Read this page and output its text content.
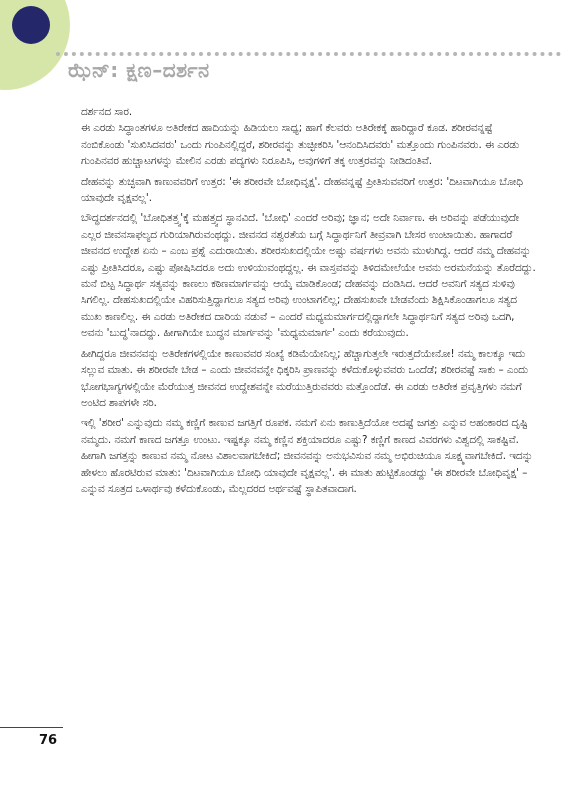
ಝೆನ್: ಕ್ಷಣ–ದರ್ಶನ

ದರ್ಶನದ ಸಾರ.

ಈ ಎರಡು ಸಿದ್ಧಾಂತಗಳೂ ಅತಿರೇಕದ ಹಾದಿಯನ್ನು ಹಿಡಿಯಲು ಸಾಧ್ಯ; ಹಾಗೆ ಕೆಲವರು ಅತಿರೇಕಕ್ಕೆ ಹಾರಿದ್ದಾರೆ ಕೂಡ. ಶರೀರವನ್ನಷ್ಟೆ ನಂಬಿಕೊಂಡು 'ಸುಖಿಸಿದವರು' ಒಂದು ಗುಂಪಿನಲ್ಲಿದ್ದರೆ, ಶರೀರವನ್ನು ತುಚ್ಛೀಕರಿಸಿ 'ಆನಂದಿಸಿದವರು' ಮತ್ತೊಂದು ಗುಂಪಿನವರು. ಈ ಎರಡು ಗುಂಪಿನವರ ಹುಚ್ಚಾಟಗಳನ್ನು ಮೇಲಿನ ಎರಡು ಪದ್ಯಗಳು ನಿರೂಪಿಸಿ, ಅವುಗಳಿಗೆ ತಕ್ಕ ಉತ್ತರವನ್ನು ನೀಡಿದಂತಿವೆ.

ದೇಹವನ್ನು ತುಚ್ಛವಾಗಿ ಕಾಣುವವರಿಗೆ ಉತ್ತರ: 'ಈ ಶರೀರವೇ ಬೋಧಿವೃಕ್ಷ'. ದೇಹವನ್ನಷ್ಟೆ ಪ್ರೀತಿಸುವವರಿಗೆ ಉತ್ತರ: 'ದಿಟವಾಗಿಯೂ ಬೋಧಿ ಯಾವುದೇ ವೃಕ್ಷವಲ್ಲ'.

ಬೌದ್ಧದರ್ಶನದಲ್ಲಿ 'ಬೋಧಿತತ್ತ್ವ'ಕ್ಕೆ ಮಹತ್ತ್ವದ ಸ್ಥಾನವಿದೆ. 'ಬೋಧಿ' ಎಂದರೆ ಅರಿವು; ಜ್ಞಾನ; ಅದೇ ನಿರ್ವಾಣ. ಈ ಅರಿವನ್ನು ಪಡೆಯುವುದೇ ಎಲ್ಲರ ಜೀವನಸಾಫಲ್ಯದ ಗುರಿಯಾಗಿರುವಂಥದ್ದು. ಜೀವನದ ನಶ್ವರತೆಯ ಬಗ್ಗೆ ಸಿದ್ಧಾರ್ಥನಿಗೆ ತೀವ್ರವಾಗಿ ಬೇಸರ ಉಂಟಾಯಿತು. ಹಾಗಾದರೆ ಜೀವನದ ಉದ್ದೇಶ ಏನು – ಎಂಬ ಪ್ರಶ್ನೆ ಎದುರಾಯಿತು. ಶರೀರಸುಖದಲ್ಲಿಯೇ ಅಷ್ಟು ವರ್ಷಗಳು ಅವನು ಮುಳುಗಿದ್ದ. ಆದರೆ ನಮ್ಮ ದೇಹವನ್ನು ಎಷ್ಟು ಪ್ರೀತಿಸಿದರೂ, ಎಷ್ಟು ಪೋಷಿಸಿದರೂ ಅದು ಉಳಿಯುವಂಥದ್ದಲ್ಲ. ಈ ವಾಸ್ತವವನ್ನು ತಿಳಿದಮೇಲೆಯೇ ಅವನು ಅರಮನೆಯನ್ನು ತೊರೆದದ್ದು. ಮನೆ ಬಿಟ್ಟ ಸಿದ್ಧಾರ್ಥ ಸತ್ಯವನ್ನು ಕಾಣಲು ಕಠಿಣಮಾರ್ಗವನ್ನು ಆಯ್ಕೆ ಮಾಡಿಕೊಂಡ; ದೇಹವನ್ನು ದಂಡಿಸಿದ. ಆದರೆ ಅವನಿಗೆ ಸತ್ಯದ ಸುಳಿವು ಸಿಗಲಿಲ್ಲ. ದೇಹಸುಖದಲ್ಲಿಯೇ ವಿಹರಿಸುತ್ತಿದ್ದಾಗಲೂ ಸತ್ಯದ ಅರಿವು ಉಂಟಾಗಲಿಲ್ಲ; ದೇಹಸುಖವೇ ಬೇಡವೆಂದು ಶಿಕ್ಷಿಸಿಕೊಂಡಾಗಲೂ ಸತ್ಯದ ಮುಖ ಕಾಣಲಿಲ್ಲ. ಈ ಎರಡು ಅತಿರೇಕದ ದಾರಿಯ ನಡುವೆ – ಎಂದರೆ ಮಧ್ಯಮಮಾರ್ಗದಲ್ಲಿದ್ದಾಗಲೇ ಸಿದ್ಧಾರ್ಥನಿಗೆ ಸತ್ಯದ ಅರಿವು ಒದಗಿ, ಅವನು 'ಬುದ್ಧ'ನಾದದ್ದು. ಹೀಗಾಗಿಯೇ ಬುದ್ಧನ ಮಾರ್ಗವನ್ನು 'ಮಧ್ಯಮಮಾರ್ಗ' ಎಂದು ಕರೆಯುವುದು.

ಹೀಗಿದ್ದರೂ ಜೀವನವನ್ನು ಅತಿರೇಕಗಳಲ್ಲಿಯೇ ಕಾಣುವವರ ಸಂಖ್ಯೆ ಕಡಿಮೆಯೇನಿಲ್ಲ; ಹೆಚ್ಚಾಗುತ್ತಲೇ ಇರುತ್ತದೆಯೇನೋ! ನಮ್ಮ ಕಾಲಕ್ಕೂ ಇದು ಸಲ್ಲುವ ಮಾತು. ಈ ಶರೀರವೇ ಬೇಡ – ಎಂದು ಜೀವನವನ್ನೇ ಧಿಕ್ಕರಿಸಿ ಪ್ರಾಣವನ್ನು ಕಳೆದುಕೊಳ್ಳುವವರು ಒಂದೆಡೆ; ಶರೀರವಷ್ಟೆ ಸಾಕು – ಎಂದು ಭೋಗಭಾಗ್ಯಗಳಲ್ಲಿಯೇ ಮೆರೆಯುತ್ತ ಜೀವನದ ಉದ್ದೇಶವನ್ನೇ ಮರೆಯುತ್ತಿರುವವರು ಮತ್ತೊಂದೆಡೆ. ಈ ಎರಡು ಅತಿರೇಕ ಪ್ರವೃತ್ತಿಗಳು ನಮಗೆ ಅಂಟಿದ ಶಾಪಗಳೇ ಸರಿ.

ಇಲ್ಲಿ 'ಶರೀರ' ಎನ್ನುವುದು ನಮ್ಮ ಕಣ್ಣಿಗೆ ಕಾಣುವ ಜಗತ್ತಿಗೆ ರೂಪಕ. ನಮಗೆ ಏನು ಕಾಣುತ್ತಿದೆಯೋ ಅದಷ್ಟೆ ಜಗತ್ತು ಎನ್ನುವ ಅಹಂಕಾರದ ದೃಷ್ಟಿ ನಮ್ಮದು. ನಮಗೆ ಕಾಣದ ಜಗತ್ತೂ ಉಂಟು. ಇಷ್ಟಕ್ಕೂ ನಮ್ಮ ಕಣ್ಣಿನ ಶಕ್ತಿಯಾದರೂ ಎಷ್ಟು? ಕಣ್ಣಿಗೆ ಕಾಣದ ವಿವರಗಳು ವಿಶ್ವದಲ್ಲಿ ಸಾಕಷ್ಟಿವೆ. ಹೀಗಾಗಿ ಜಗತ್ತನ್ನು ಕಾಣುವ ನಮ್ಮ ನೋಟ ವಿಶಾಲವಾಗಬೇಕಿದೆ; ಜೀವನವನ್ನು ಅನುಭವಿಸುವ ನಮ್ಮ ಅಭಿರುಚಿಯೂ ಸೂಕ್ಷ್ಮವಾಗಬೇಕಿದೆ. ಇದನ್ನು ಹೇಳಲು ಹೊರಟಿರುವ ಮಾತು: 'ದಿಟವಾಗಿಯೂ ಬೋಧಿ ಯಾವುದೇ ವೃಕ್ಷವಲ್ಲ'. ಈ ಮಾತು ಹುಟ್ಟಿಕೊಂಡದ್ದು 'ಈ ಶರೀರವೇ ಬೋಧಿವೃಕ್ಷ' – ಎನ್ನುವ ಸೂತ್ರದ ಒಳಾರ್ಥವು ಕಳೆದುಕೊಂಡು, ಮೆಲ್ಲದರದ ಅರ್ಥವಷ್ಟೆ ಸ್ಥಾಪಿತವಾದಾಗ.

76
